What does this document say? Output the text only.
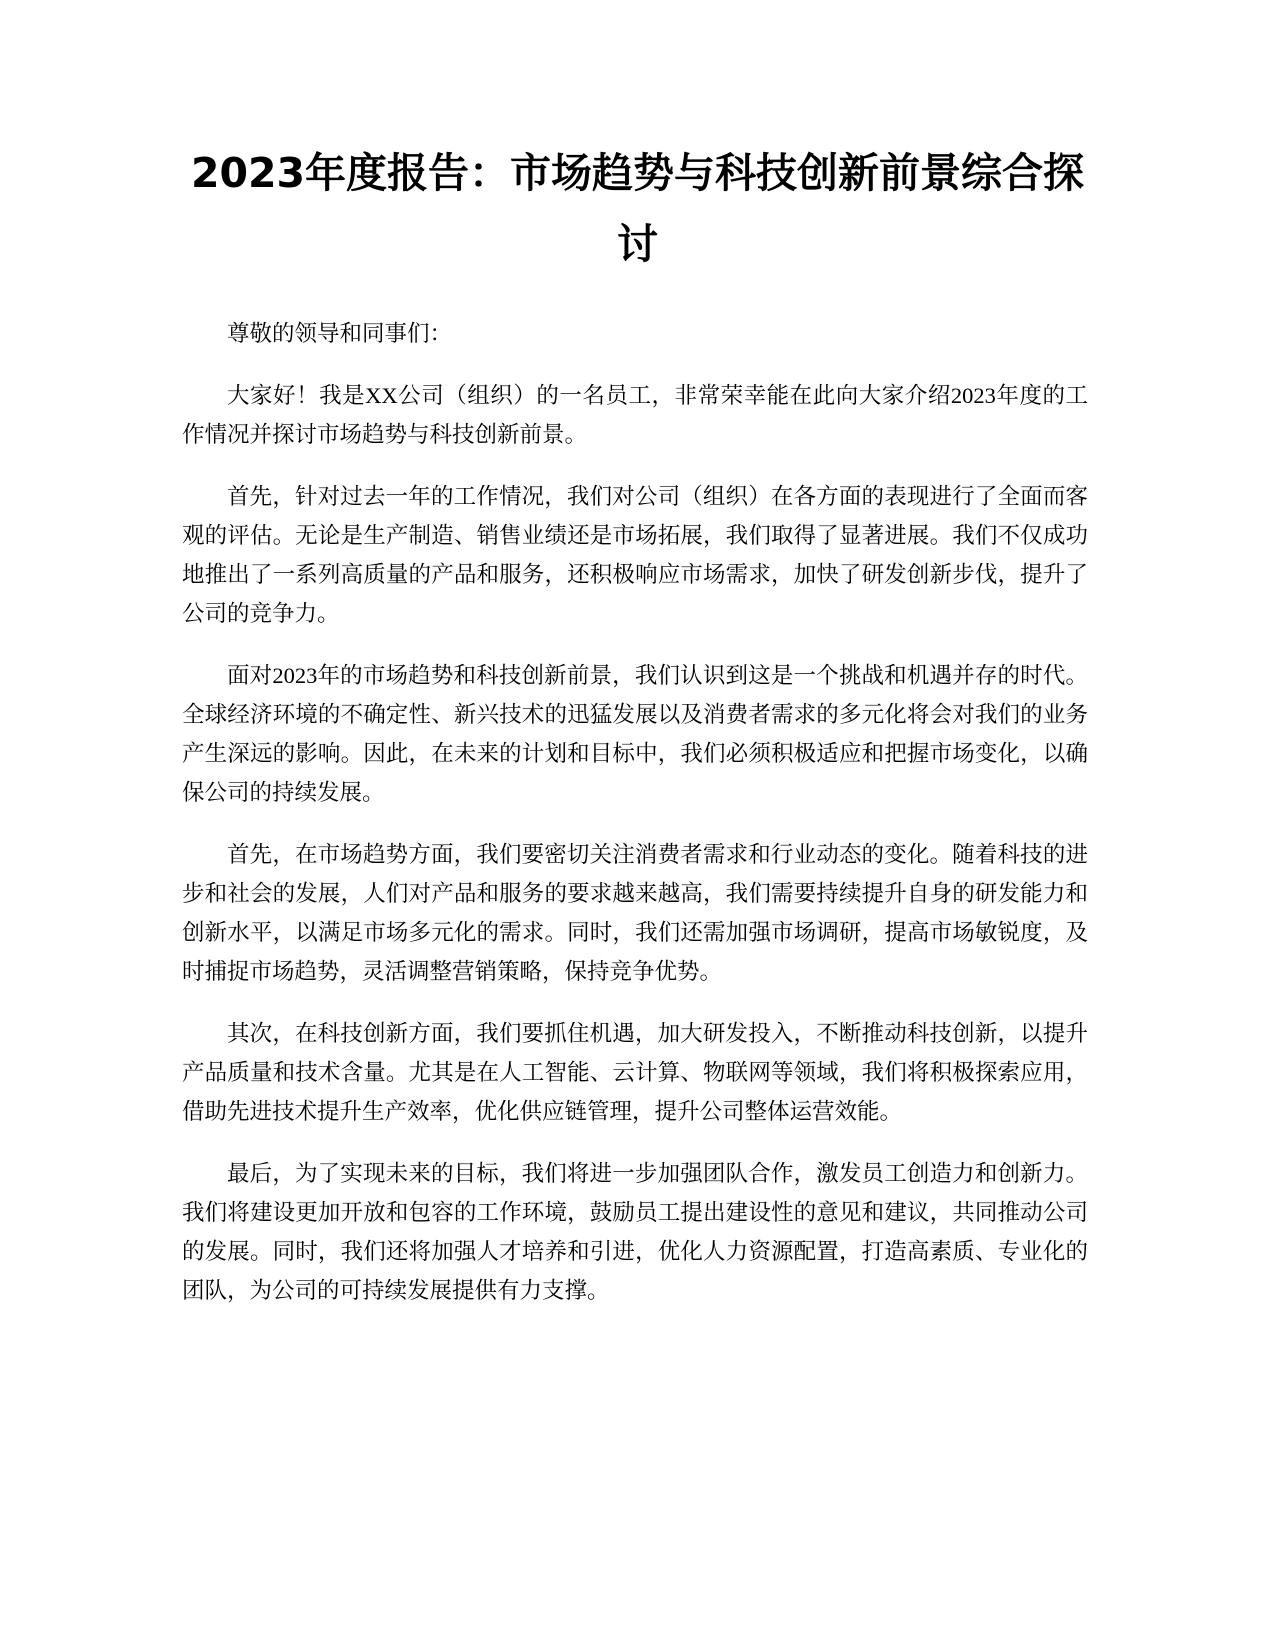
2023年度报告：市场趋势与科技创新前景综合探讨

尊敬的领导和同事们：

大家好！我是XX公司（组织）的一名员工，非常荣幸能在此向大家介绍2023年度的工作情况并探讨市场趋势与科技创新前景。

首先，针对过去一年的工作情况，我们对公司（组织）在各方面的表现进行了全面而客观的评估。无论是生产制造、销售业绩还是市场拓展，我们取得了显著进展。我们不仅成功地推出了一系列高质量的产品和服务，还积极响应市场需求，加快了研发创新步伐，提升了公司的竞争力。

面对2023年的市场趋势和科技创新前景，我们认识到这是一个挑战和机遇并存的时代。全球经济环境的不确定性、新兴技术的迅猛发展以及消费者需求的多元化将会对我们的业务产生深远的影响。因此，在未来的计划和目标中，我们必须积极适应和把握市场变化，以确保公司的持续发展。

首先，在市场趋势方面，我们要密切关注消费者需求和行业动态的变化。随着科技的进步和社会的发展，人们对产品和服务的要求越来越高，我们需要持续提升自身的研发能力和创新水平，以满足市场多元化的需求。同时，我们还需加强市场调研，提高市场敏锐度，及时捕捉市场趋势，灵活调整营销策略，保持竞争优势。

其次，在科技创新方面，我们要抓住机遇，加大研发投入，不断推动科技创新，以提升产品质量和技术含量。尤其是在人工智能、云计算、物联网等领域，我们将积极探索应用，借助先进技术提升生产效率，优化供应链管理，提升公司整体运营效能。

最后，为了实现未来的目标，我们将进一步加强团队合作，激发员工创造力和创新力。我们将建设更加开放和包容的工作环境，鼓励员工提出建设性的意见和建议，共同推动公司的发展。同时，我们还将加强人才培养和引进，优化人力资源配置，打造高素质、专业化的团队，为公司的可持续发展提供有力支撑。
